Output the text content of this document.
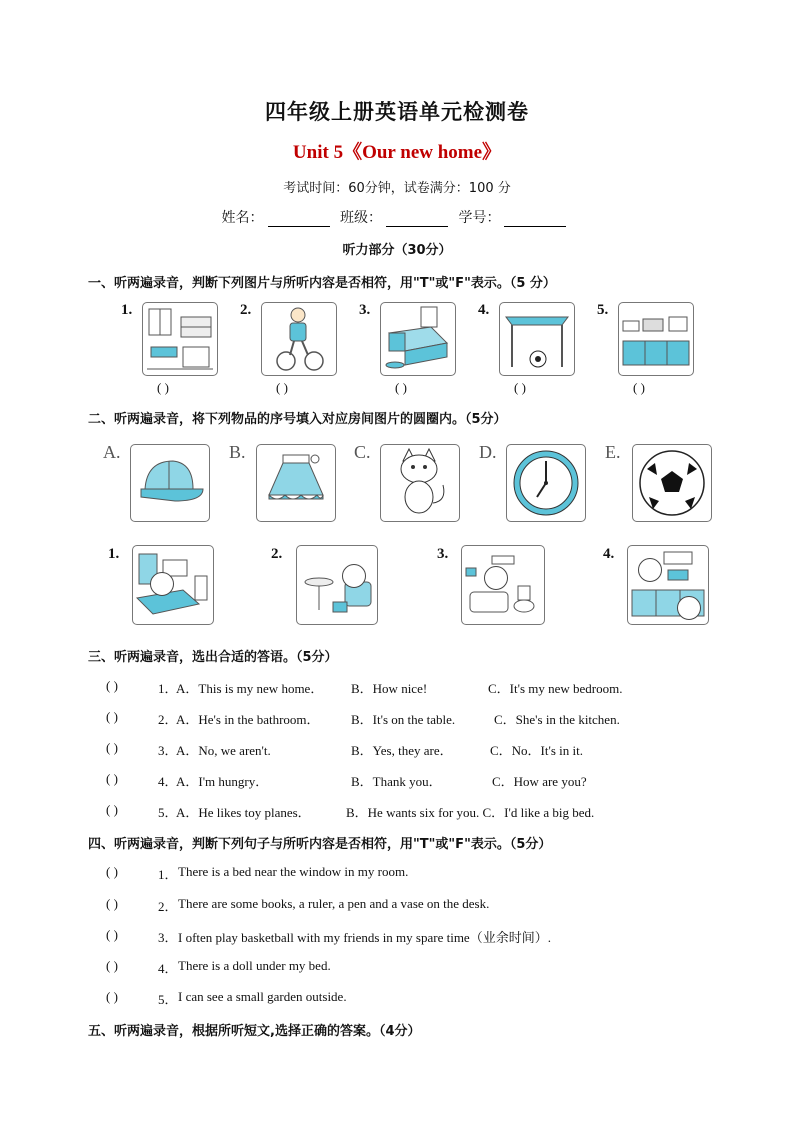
四年级上册英语单元检测卷
Unit 5《Our new home》
考试时间：60分钟，试卷满分：100 分
姓名：	班级：	学号：
听力部分（30分）
一、听两遍录音，判断下列图片与所听内容是否相符，用"T"或"F"表示。（5 分）
1.
( )
2.
( )
3.
( )
4.
( )
5.
( )
二、听两遍录音，将下列物品的序号填入对应房间图片的圆圈内。（5分）
A.	B.	C.	D.	E.
1.	2.	3.	4.
三、听两遍录音，选出合适的答语。（5分）
( )	1．
A．This is my new home． B．How nice!	C．It's my new bedroom.
( )	2．
A．He's in the bathroom． B．It's on the table.	C．She's in the kitchen.
( )	3．
A．No, we aren't.	B．Yes, they are．	C．No．It's in it.
( )	4．
A．I'm hungry．	B．Thank you．	C．How are you?
( )	5．
A．He likes toy planes．	B．He wants six for you. C．I'd like a big bed.
四、听两遍录音，判断下列句子与所听内容是否相符，用"T"或"F"表示。（5分）
( )	1． There is a bed near the window in my room.
( )	2． There are some books, a ruler, a pen and a vase on the desk.
( )	3． I often play basketball with my friends in my spare time（业余时间）.
( )	4． There is a doll under my bed.
( )	5． I can see a small garden outside.
五、听两遍录音，根据所听短文,选择正确的答案。（4分）
